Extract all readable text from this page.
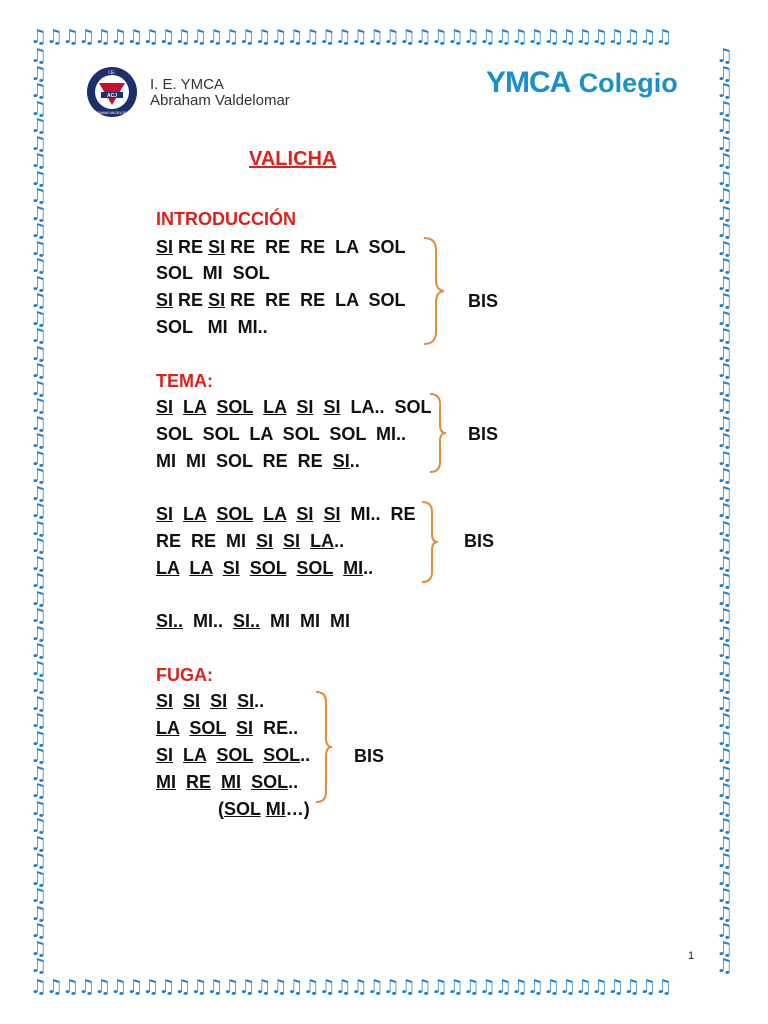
♫♫♫♫♫♫♫♫♫♫♫♫♫♫♫♫♫♫♫♫♫♫♫♫♫♫♫♫♫♫♫♫♫♫♫♫♫♫♫♫
♫♫♫♫♫♫♫♫♫♫♫♫♫♫♫♫♫♫♫♫♫♫♫♫♫♫♫♫♫♫♫♫♫♫♫♫♫♫♫♫
♫
♫
♫
♫
♫
♫
♫
♫
♫
♫
♫
♫
♫
♫
♫
♫
♫
♫
♫
♫
♫
♫
♫
♫
♫
♫
♫
♫
♫
♫
♫
♫
♫
♫
♫
♫
♫
♫
♫
♫
♫
♫
♫
♫
♫
♫
♫
♫
♫
♫
♫
♫
♫
♫
♫
♫
♫
♫
♫
♫
♫
♫
♫
♫
♫
♫
♫
♫
♫
♫
♫
♫
♫
♫
♫
♫
♫
♫
♫
♫
♫
♫
♫
♫
♫
♫
♫
♫
♫
♫
♫
♫
♫
♫
♫
♫
♫
♫
♫
♫
♫
♫
♫
♫
♫
♫
ACJ
I.E.
ABRAHAM VALDELOMAR
I. E. YMCA
Abraham Valdelomar
YMCA Colegio
VALICHA
INTRODUCCIÓN
TEMA:
FUGA:
SI RE SI RE  RE  RE  LA  SOL
SOL  MI  SOL
SI RE SI RE  RE  RE  LA  SOL
SOL   MI  MI..
SI LA SOL LA SI SI  LA..  SOL
SOL  SOL  LA  SOL  SOL  MI..
MI  MI  SOL  RE  RE  SI..
SI LA SOL LA SI SI  MI..  RE
RE  RE  MI  SI SI LA..
LA LA SI SOL SOL MI..
SI..  MI..  SI..  MI  MI  MI
SI SI SI SI..
LA SOL SI  RE..
SI LA SOL SOL..
MI RE MI SOL..
(SOL MI…)
BIS
BIS
BIS
BIS
1
